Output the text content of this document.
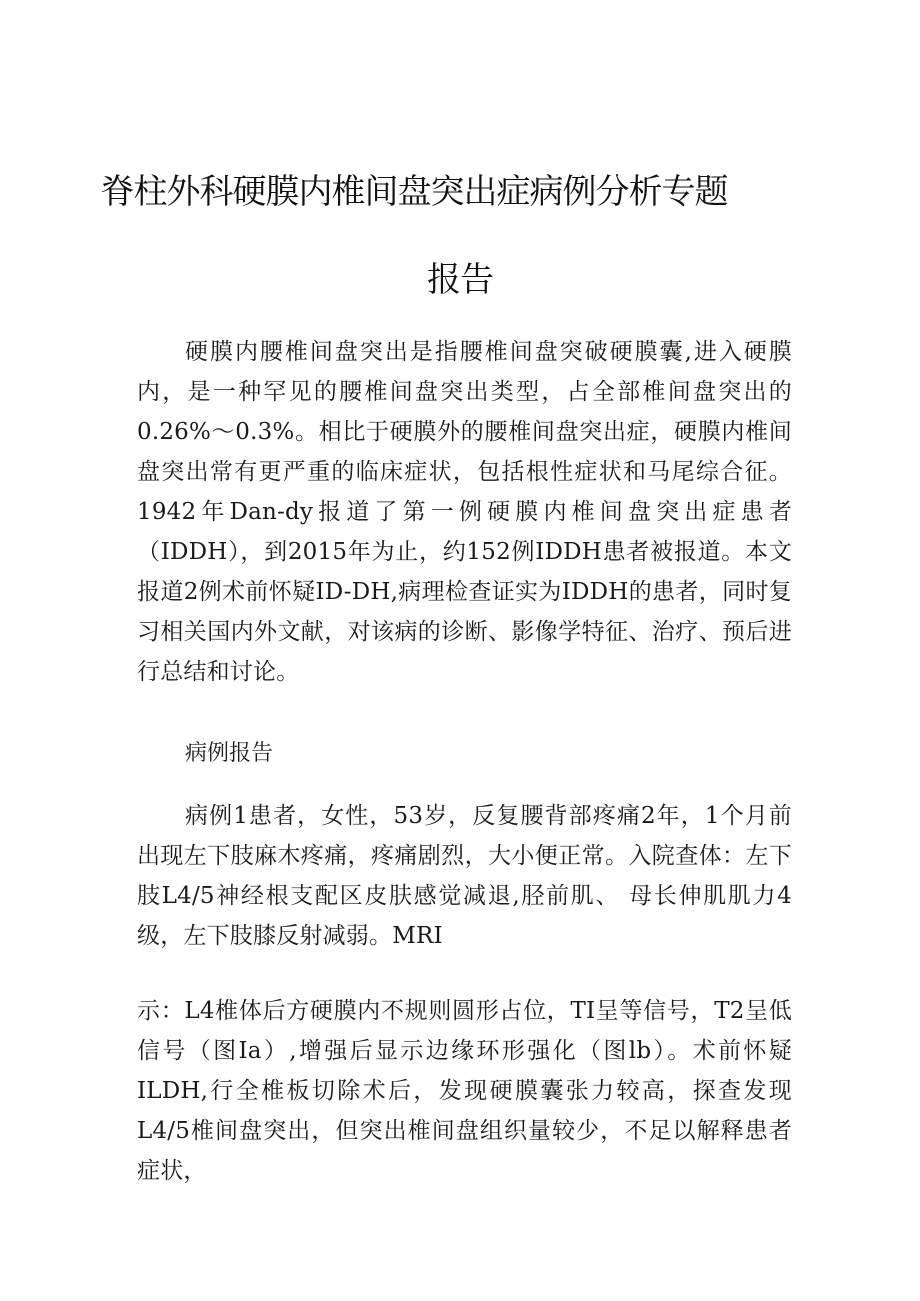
脊柱外科硬膜内椎间盘突出症病例分析专题
报告

硬膜内腰椎间盘突出是指腰椎间盘突破硬膜囊,进入硬膜内，是一种罕见的腰椎间盘突出类型，占全部椎间盘突出的0.26%～0.3%。相比于硬膜外的腰椎间盘突出症，硬膜内椎间盘突出常有更严重的临床症状，包括根性症状和马尾综合征。1942年Dan-dy报道了第一例硬膜内椎间盘突出症患者（IDDH），到2015年为止，约152例IDDH患者被报道。本文报道2例术前怀疑ID-DH,病理检查证实为IDDH的患者，同时复习相关国内外文献，对该病的诊断、影像学特征、治疗、预后进行总结和讨论。

病例报告

病例1患者，女性，53岁，反复腰背部疼痛2年，1个月前出现左下肢麻木疼痛，疼痛剧烈，大小便正常。入院查体：左下肢L4/5神经根支配区皮肤感觉减退,胫前肌、 母长伸肌肌力4级，左下肢膝反射减弱。MRI

示：L4椎体后方硬膜内不规则圆形占位，TI呈等信号，T2呈低信号（图Ia）,增强后显示边缘环形强化（图lb）。术前怀疑ILDH,行全椎板切除术后，发现硬膜囊张力较高，探查发现L4/5椎间盘突出，但突出椎间盘组织量较少，不足以解释患者症状，
